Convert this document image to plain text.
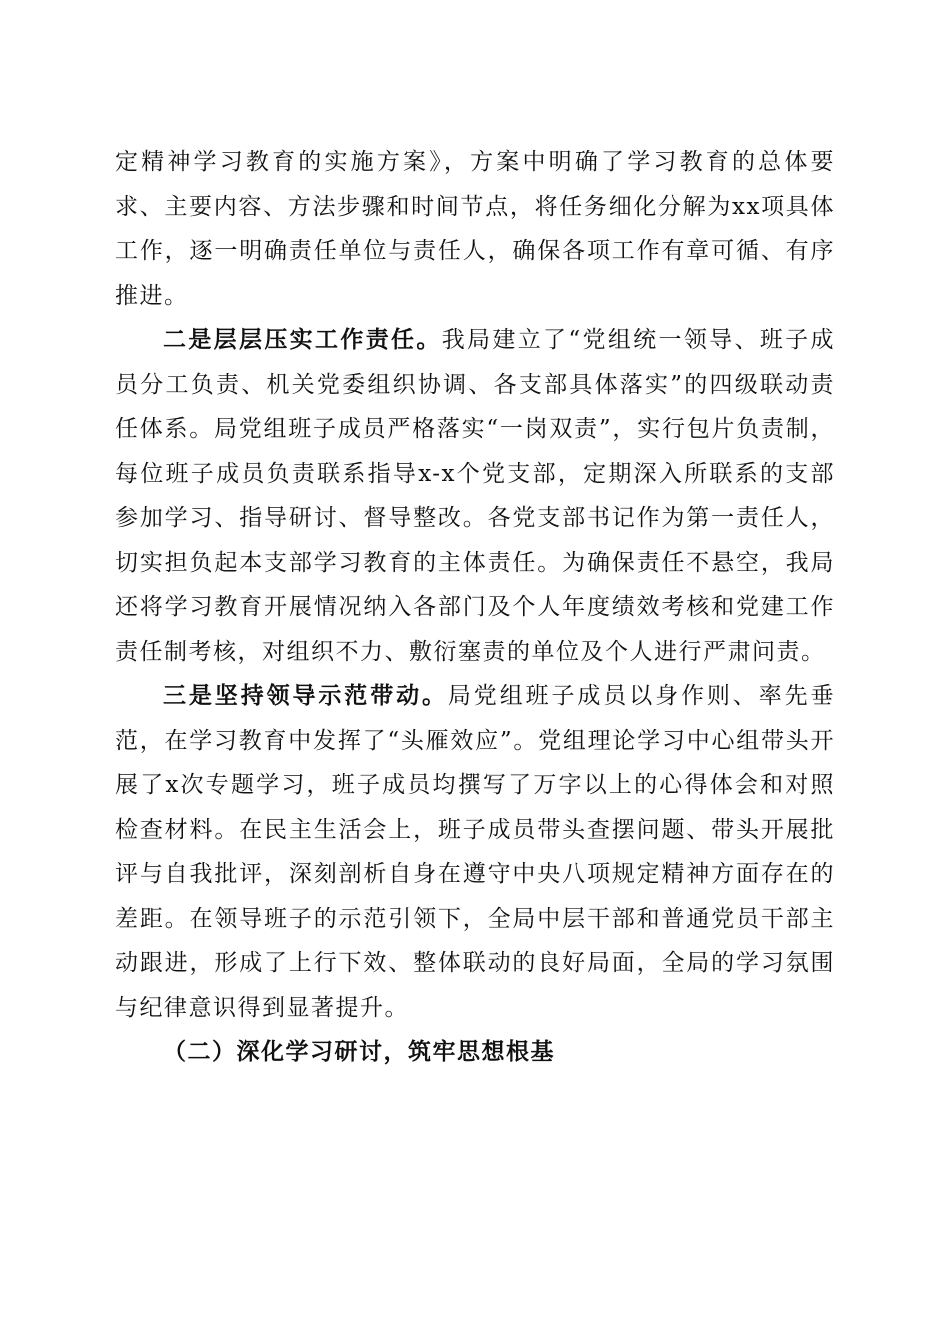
定精神学习教育的实施方案》，方案中明确了学习教育的总体要求、主要内容、方法步骤和时间节点，将任务细化分解为xx项具体工作，逐一明确责任单位与责任人，确保各项工作有章可循、有序推进。

二是层层压实工作责任。我局建立了“党组统一领导、班子成员分工负责、机关党委组织协调、各支部具体落实”的四级联动责任体系。局党组班子成员严格落实“一岗双责”，实行包片负责制，每位班子成员负责联系指导x-x个党支部，定期深入所联系的支部参加学习、指导研讨、督导整改。各党支部书记作为第一责任人，切实担负起本支部学习教育的主体责任。为确保责任不悬空，我局还将学习教育开展情况纳入各部门及个人年度绩效考核和党建工作责任制考核，对组织不力、敷衍塞责的单位及个人进行严肃问责。

三是坚持领导示范带动。局党组班子成员以身作则、率先垂范，在学习教育中发挥了“头雁效应”。党组理论学习中心组带头开展了x次专题学习，班子成员均撰写了万字以上的心得体会和对照检查材料。在民主生活会上，班子成员带头查摆问题、带头开展批评与自我批评，深刻剖析自身在遵守中央八项规定精神方面存在的差距。在领导班子的示范引领下，全局中层干部和普通党员干部主动跟进，形成了上行下效、整体联动的良好局面，全局的学习氛围与纪律意识得到显著提升。

（二）深化学习研讨，筑牢思想根基
